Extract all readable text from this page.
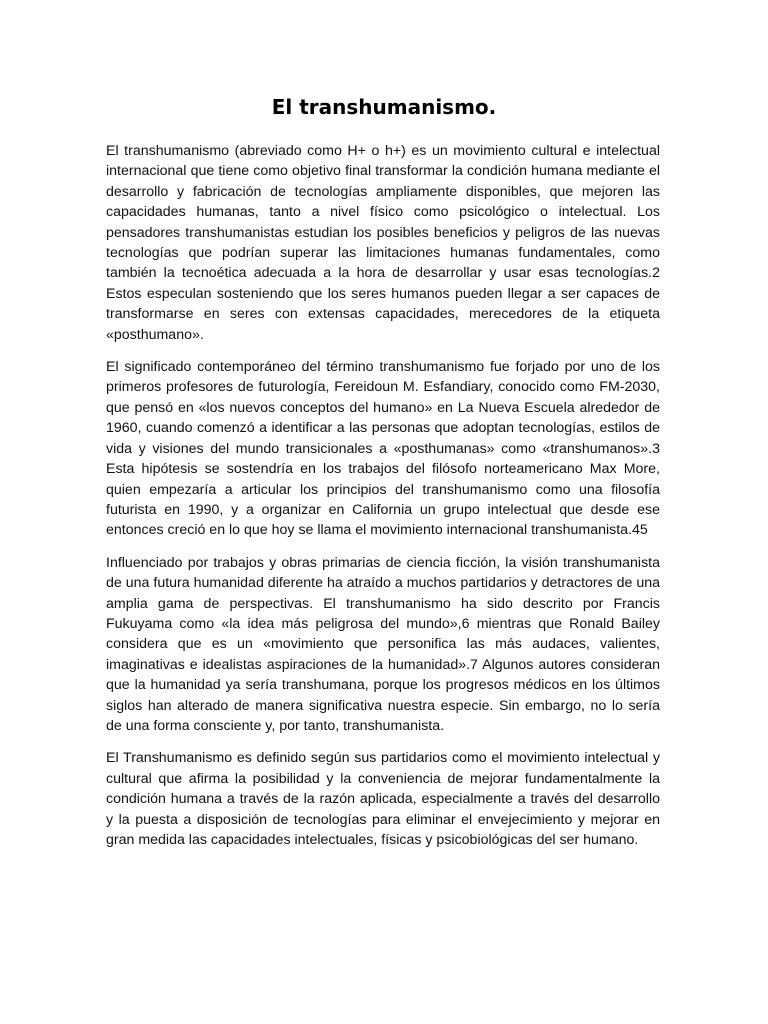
El transhumanismo.

El transhumanismo (abreviado como H+ o h+) es un movimiento cultural e intelectual internacional que tiene como objetivo final transformar la condición humana mediante el desarrollo y fabricación de tecnologías ampliamente disponibles, que mejoren las capacidades humanas, tanto a nivel físico como psicológico o intelectual. Los pensadores transhumanistas estudian los posibles beneficios y peligros de las nuevas tecnologías que podrían superar las limitaciones humanas fundamentales, como también la tecnoética adecuada a la hora de desarrollar y usar esas tecnologías.2 Estos especulan sosteniendo que los seres humanos pueden llegar a ser capaces de transformarse en seres con extensas capacidades, merecedores de la etiqueta «posthumano».

El significado contemporáneo del término transhumanismo fue forjado por uno de los primeros profesores de futurología, Fereidoun M. Esfandiary, conocido como FM-2030, que pensó en «los nuevos conceptos del humano» en La Nueva Escuela alrededor de 1960, cuando comenzó a identificar a las personas que adoptan tecnologías, estilos de vida y visiones del mundo transicionales a «posthumanas» como «transhumanos».3 Esta hipótesis se sostendría en los trabajos del filósofo norteamericano Max More, quien empezaría a articular los principios del transhumanismo como una filosofía futurista en 1990, y a organizar en California un grupo intelectual que desde ese entonces creció en lo que hoy se llama el movimiento internacional transhumanista.45

Influenciado por trabajos y obras primarias de ciencia ficción, la visión transhumanista de una futura humanidad diferente ha atraído a muchos partidarios y detractores de una amplia gama de perspectivas. El transhumanismo ha sido descrito por Francis Fukuyama como «la idea más peligrosa del mundo»,6 mientras que Ronald Bailey considera que es un «movimiento que personifica las más audaces, valientes, imaginativas e idealistas aspiraciones de la humanidad».7 Algunos autores consideran que la humanidad ya sería transhumana, porque los progresos médicos en los últimos siglos han alterado de manera significativa nuestra especie. Sin embargo, no lo sería de una forma consciente y, por tanto, transhumanista.

El Transhumanismo es definido según sus partidarios como el movimiento intelectual y cultural que afirma la posibilidad y la conveniencia de mejorar fundamentalmente la condición humana a través de la razón aplicada, especialmente a través del desarrollo y la puesta a disposición de tecnologías para eliminar el envejecimiento y mejorar en gran medida las capacidades intelectuales, físicas y psicobiológicas del ser humano.
